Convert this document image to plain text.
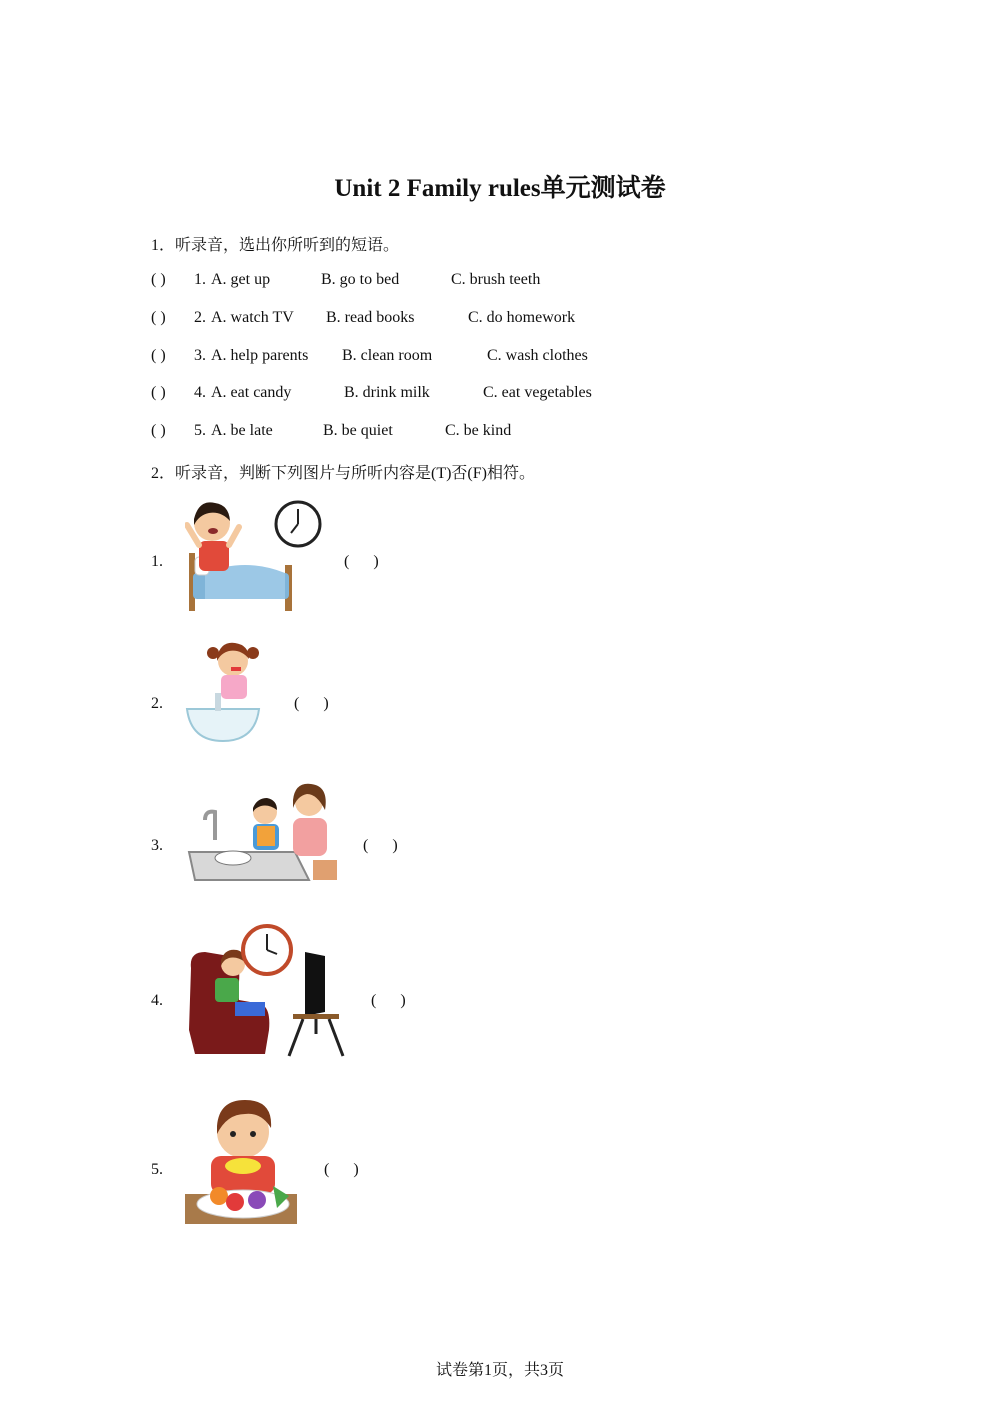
Unit 2 Family rules单元测试卷
1．听录音，选出你所听到的短语。
( ) 1. A. get up	B. go to bed	C. brush teeth
( ) 2. A. watch TV B. read books	C. do homework
( ) 3. A. help parents B. clean room	C. wash clothes
( ) 4. A. eat candy	B. drink milk	C. eat vegetables
( ) 5. A. be late	B. be quiet	C. be kind
2．听录音，判断下列图片与所听内容是(T)否(F)相符。
1.	(      )
2.	(      )
3.	(      )
4.	(      )
5.	(      )
试卷第1页，共3页
